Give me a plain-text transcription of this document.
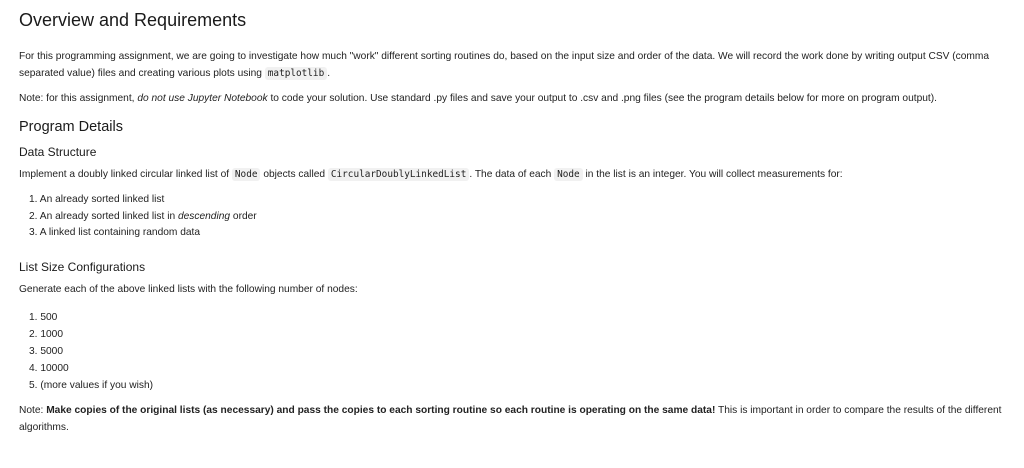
Overview and Requirements

For this programming assignment, we are going to investigate how much "work" different sorting routines do, based on the input size and order of the data. We will record the work done by writing output CSV (comma separated value) files and creating various plots using matplotlib .

Note: for this assignment, do not use Jupyter Notebook to code your solution. Use standard .py files and save your output to .csv and .png files (see the program details below for more on program output).

Program Details
Data Structure

Implement a doubly linked circular linked list of Node objects called CircularDoublyLinkedList . The data of each Node in the list is an integer. You will collect measurements for:

1. An already sorted linked list
2. An already sorted linked list in descending order
3. A linked list containing random data
List Size Configurations

Generate each of the above linked lists with the following number of nodes:

1. 500
2. 1000
3. 5000
4. 10000
5. (more values if you wish)

Note: Make copies of the original lists (as necessary) and pass the copies to each sorting routine so each routine is operating on the same data! This is important in order to compare the results of the different algorithms.
